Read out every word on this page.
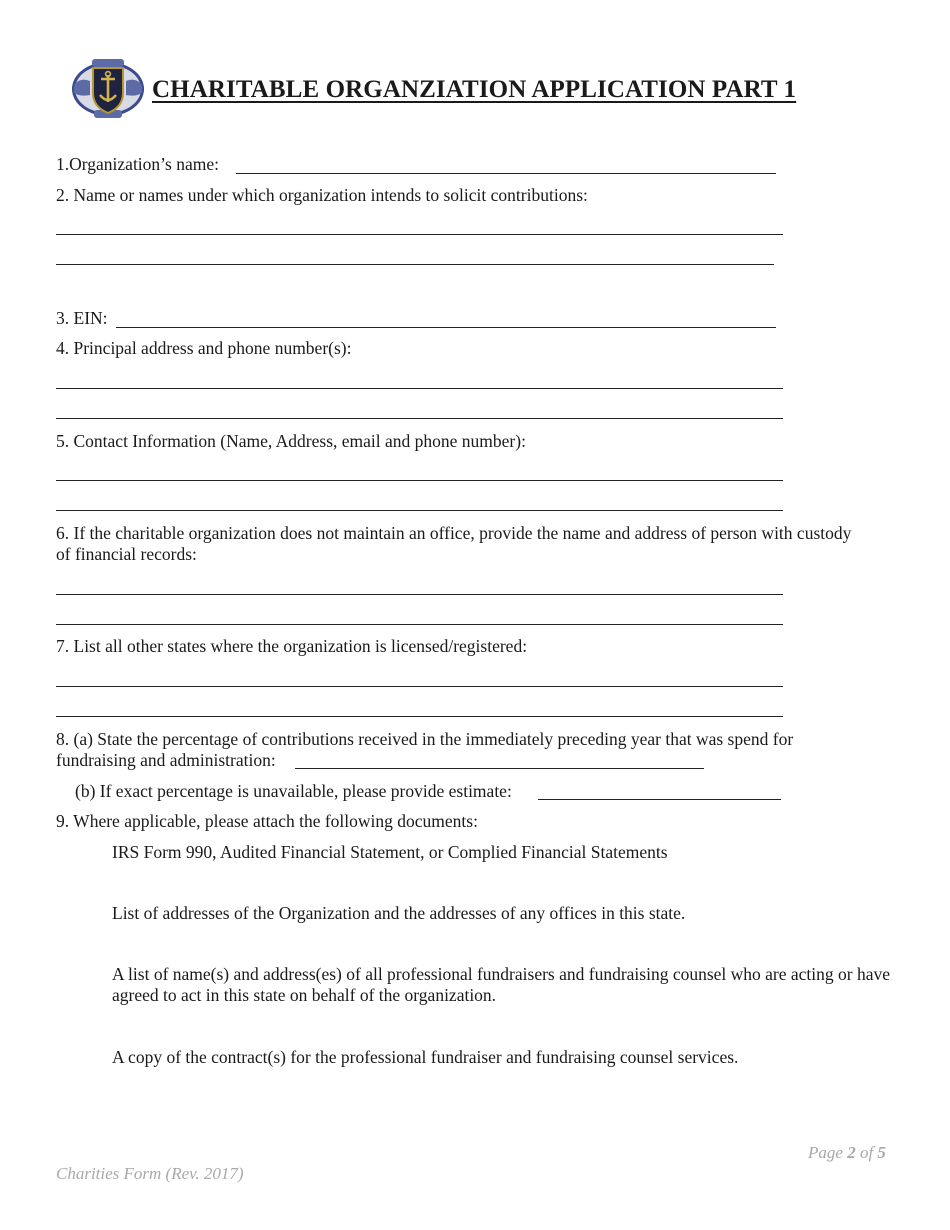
CHARITABLE ORGANZIATION APPLICATION PART 1
1.Organization’s name:
2. Name or names under which organization intends to solicit contributions:
3. EIN:
4. Principal address and phone number(s):
5. Contact Information (Name, Address, email and phone number):
6. If the charitable organization does not maintain an office, provide the name and address of person with custody of financial records:
7. List all other states where the organization is licensed/registered:
8. (a) State the percentage of contributions received in the immediately preceding year that was spend for
fundraising and administration:
(b) If exact percentage is unavailable, please provide estimate:
9. Where applicable, please attach the following documents:
IRS Form 990, Audited Financial Statement, or Complied Financial Statements
List of addresses of the Organization and the addresses of any offices in this state.
A list of name(s) and address(es) of all professional fundraisers and fundraising counsel who are acting or have agreed to act in this state on behalf of the organization.
A copy of the contract(s) for the professional fundraiser and fundraising counsel services.
Page 2 of 5
Charities Form (Rev. 2017)
